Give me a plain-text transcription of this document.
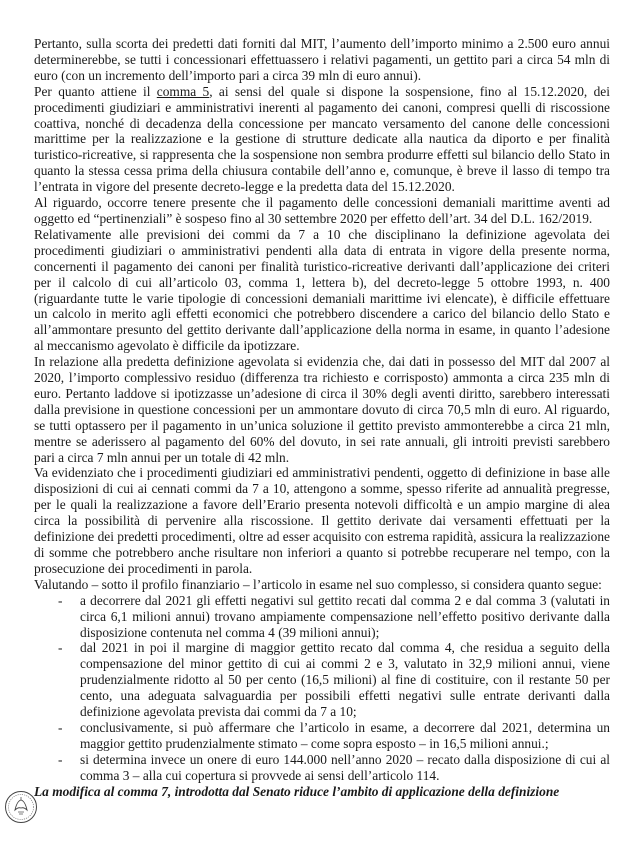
Pertanto, sulla scorta dei predetti dati forniti dal MIT, l’aumento dell’importo minimo a 2.500 euro annui determinerebbe, se tutti i concessionari effettuassero i relativi pagamenti, un gettito pari a circa 54 mln di euro (con un incremento dell’importo pari a circa 39 mln di euro annui).

Per quanto attiene il comma 5, ai sensi del quale si dispone la sospensione, fino al 15.12.2020, dei procedimenti giudiziari e amministrativi inerenti al pagamento dei canoni, compresi quelli di riscossione coattiva, nonché di decadenza della concessione per mancato versamento del canone delle concessioni marittime per la realizzazione e la gestione di strutture dedicate alla nautica da diporto e per finalità turistico-ricreative, si rappresenta che la sospensione non sembra produrre effetti sul bilancio dello Stato in quanto la stessa cessa prima della chiusura contabile dell’anno e, comunque, è breve il lasso di tempo tra l’entrata in vigore del presente decreto-legge e la predetta data del 15.12.2020.

Al riguardo, occorre tenere presente che il pagamento delle concessioni demaniali marittime aventi ad oggetto ed “pertinenziali” è sospeso fino al 30 settembre 2020 per effetto dell’art. 34 del D.L. 162/2019.

Relativamente alle previsioni dei commi da 7 a 10 che disciplinano la definizione agevolata dei procedimenti giudiziari o amministrativi pendenti alla data di entrata in vigore della presente norma, concernenti il pagamento dei canoni per finalità turistico-ricreative derivanti dall’applicazione dei criteri per il calcolo di cui all’articolo 03, comma 1, lettera b), del decreto-legge 5 ottobre 1993, n. 400 (riguardante tutte le varie tipologie di concessioni demaniali marittime ivi elencate), è difficile effettuare un calcolo in merito agli effetti economici che potrebbero discendere a carico del bilancio dello Stato e all’ammontare presunto del gettito derivante dall’applicazione della norma in esame, in quanto l’adesione al meccanismo agevolato è difficile da ipotizzare.

In relazione alla predetta definizione agevolata si evidenzia che, dai dati in possesso del MIT dal 2007 al 2020, l’importo complessivo residuo (differenza tra richiesto e corrisposto) ammonta a circa 235 mln di euro. Pertanto laddove si ipotizzasse un’adesione di circa il 30% degli aventi diritto, sarebbero interessati dalla previsione in questione concessioni per un ammontare dovuto di circa 70,5 mln di euro. Al riguardo, se tutti optassero per il pagamento in un’unica soluzione il gettito previsto ammonterebbe a circa 21 mln, mentre se aderissero al pagamento del 60% del dovuto, in sei rate annuali, gli introiti previsti sarebbero pari a circa 7 mln annui per un totale di 42 mln.

Va evidenziato che i procedimenti giudiziari ed amministrativi pendenti, oggetto di definizione in base alle disposizioni di cui ai cennati commi da 7 a 10, attengono a somme, spesso riferite ad annualità pregresse, per le quali la realizzazione a favore dell’Erario presenta notevoli difficoltà e un ampio margine di alea circa la possibilità di pervenire alla riscossione. Il gettito derivate dai versamenti effettuati per la definizione dei predetti procedimenti, oltre ad esser acquisito con estrema rapidità, assicura la realizzazione di somme che potrebbero anche risultare non inferiori a quanto si potrebbe recuperare nel tempo, con la prosecuzione dei procedimenti in parola.

Valutando – sotto il profilo finanziario – l’articolo in esame nel suo complesso, si considera quanto segue:

- a decorrere dal 2021 gli effetti negativi sul gettito recati dal comma 2 e dal comma 3 (valutati in circa 6,1 milioni annui) trovano ampiamente compensazione nell’effetto positivo derivante dalla disposizione contenuta nel comma 4 (39 milioni annui);
- dal 2021 in poi il margine di maggior gettito recato dal comma 4, che residua a seguito della compensazione del minor gettito di cui ai commi 2 e 3, valutato in 32,9 milioni annui, viene prudenzialmente ridotto al 50 per cento (16,5 milioni) al fine di costituire, con il restante 50 per cento, una adeguata salvaguardia per possibili effetti negativi sulle entrate derivanti dalla definizione agevolata prevista dai commi da 7 a 10;
- conclusivamente, si può affermare che l’articolo in esame, a decorrere dal 2021, determina un maggior gettito prudenzialmente stimato – come sopra esposto – in 16,5 milioni annui.;
- si determina invece un onere di euro 144.000 nell’anno 2020 – recato dalla disposizione di cui al comma 3 – alla cui copertura si provvede ai sensi dell’articolo 114.

La modifica al comma 7, introdotta dal Senato riduce l’ambito di applicazione della definizione
